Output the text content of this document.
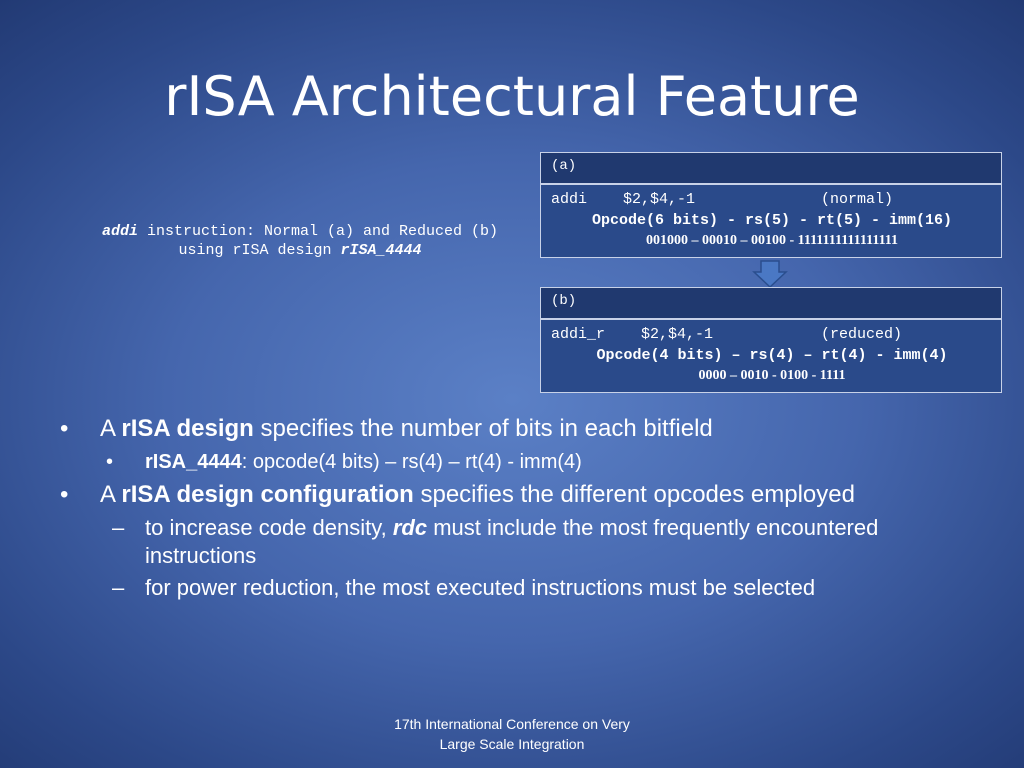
rISA Architectural Feature
addi instruction: Normal (a) and Reduced (b)
using rISA design rISA_4444
(a)
addi    $2,$4,-1              (normal)
Opcode(6 bits) - rs(5) - rt(5) - imm(16)
001000 – 00010 – 00100 - 1111111111111111
(b)
addi_r    $2,$4,-1            (reduced)
Opcode(4 bits) – rs(4) – rt(4) - imm(4)
0000 – 0010 - 0100 - 1111
• A rISA design specifies the number of bits in each bitfield
• rISA_4444: opcode(4 bits) – rs(4) – rt(4) - imm(4)
• A rISA design configuration specifies the different opcodes employed
– to increase code density, rdc must include the most frequently encountered instructions
– for power reduction, the most executed instructions must be selected
17th International Conference on Very
Large Scale Integration
